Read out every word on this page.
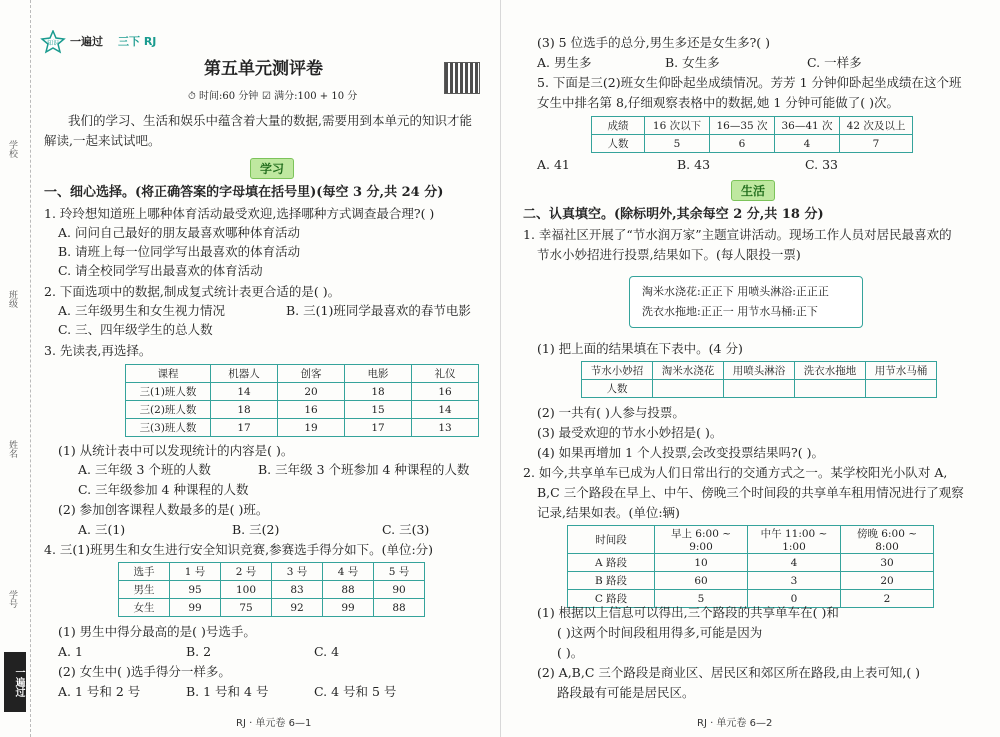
学校
班级
姓名
学号
一遍过
知识 一遍过 三下 RJ
第五单元测评卷
⏱ 时间:60 分钟 ☑ 满分:100 + 10 分
我们的学习、生活和娱乐中蕴含着大量的数据,需要用到本单元的知识才能
解读,一起来试试吧。
学习
一、细心选择。(将正确答案的字母填在括号里)(每空 3 分,共 24 分)
1. 玲玲想知道班上哪种体育活动最受欢迎,选择哪种方式调查最合理?( )
A. 问问自己最好的朋友最喜欢哪种体育活动
B. 请班上每一位同学写出最喜欢的体育活动
C. 请全校同学写出最喜欢的体育活动
2. 下面选项中的数据,制成复式统计表更合适的是( )。
A. 三年级男生和女生视力情况	B. 三(1)班同学最喜欢的春节电影
C. 三、四年级学生的总人数
3. 先读表,再选择。
课程	机器人	创客	电影	礼仪
三(1)班人数	14	20	18	16
三(2)班人数	18	16	15	14
三(3)班人数	17	19	17	13
(1) 从统计表中可以发现统计的内容是( )。
A. 三年级 3 个班的人数	B. 三年级 3 个班参加 4 种课程的人数
C. 三年级参加 4 种课程的人数
(2) 参加创客课程人数最多的是( )班。
A. 三(1)	B. 三(2)	C. 三(3)
4. 三(1)班男生和女生进行安全知识竞赛,参赛选手得分如下。(单位:分)
选手	1 号	2 号	3 号	4 号	5 号
男生	95	100	83	88	90
女生	99	75	92	99	88
(1) 男生中得分最高的是( )号选手。
A. 1	B. 2	C. 4
(2) 女生中( )选手得分一样多。
A. 1 号和 2 号	B. 1 号和 4 号	C. 4 号和 5 号
RJ · 单元卷 6—1
(3) 5 位选手的总分,男生多还是女生多?( )
A. 男生多	B. 女生多	C. 一样多
5. 下面是三(2)班女生仰卧起坐成绩情况。芳芳 1 分钟仰卧起坐成绩在这个班
女生中排名第 8,仔细观察表格中的数据,她 1 分钟可能做了( )次。
成绩	16 次以下	16—35 次	36—41 次	42 次及以上
人数	5	6	4	7
A. 41	B. 43	C. 33
生活
二、认真填空。(除标明外,其余每空 2 分,共 18 分)
1. 幸福社区开展了“节水润万家”主题宣讲活动。现场工作人员对居民最喜欢的
节水小妙招进行投票,结果如下。(每人限投一票)
淘米水浇花:正正下 用喷头淋浴:正正正
洗衣水拖地:正正一 用节水马桶:正下
(1) 把上面的结果填在下表中。(4 分)
节水小妙招	淘米水浇花	用喷头淋浴	洗衣水拖地	用节水马桶
人数				
(2) 一共有( )人参与投票。
(3) 最受欢迎的节水小妙招是( )。
(4) 如果再增加 1 个人投票,会改变投票结果吗?( )。
2. 如今,共享单车已成为人们日常出行的交通方式之一。某学校阳光小队对 A,
B,C 三个路段在早上、中午、傍晚三个时间段的共享单车租用情况进行了观察
记录,结果如表。(单位:辆)
时间段	早上 6:00 ~ 9:00	中午 11:00 ~ 1:00	傍晚 6:00 ~ 8:00
A 路段	10	4	30
B 路段	60	3	20
C 路段	5	0	2
(1) 根据以上信息可以得出,三个路段的共享单车在( )和
( )这两个时间段租用得多,可能是因为
( )。
(2) A,B,C 三个路段是商业区、居民区和郊区所在路段,由上表可知,( )
路段最有可能是居民区。
RJ · 单元卷 6—2
